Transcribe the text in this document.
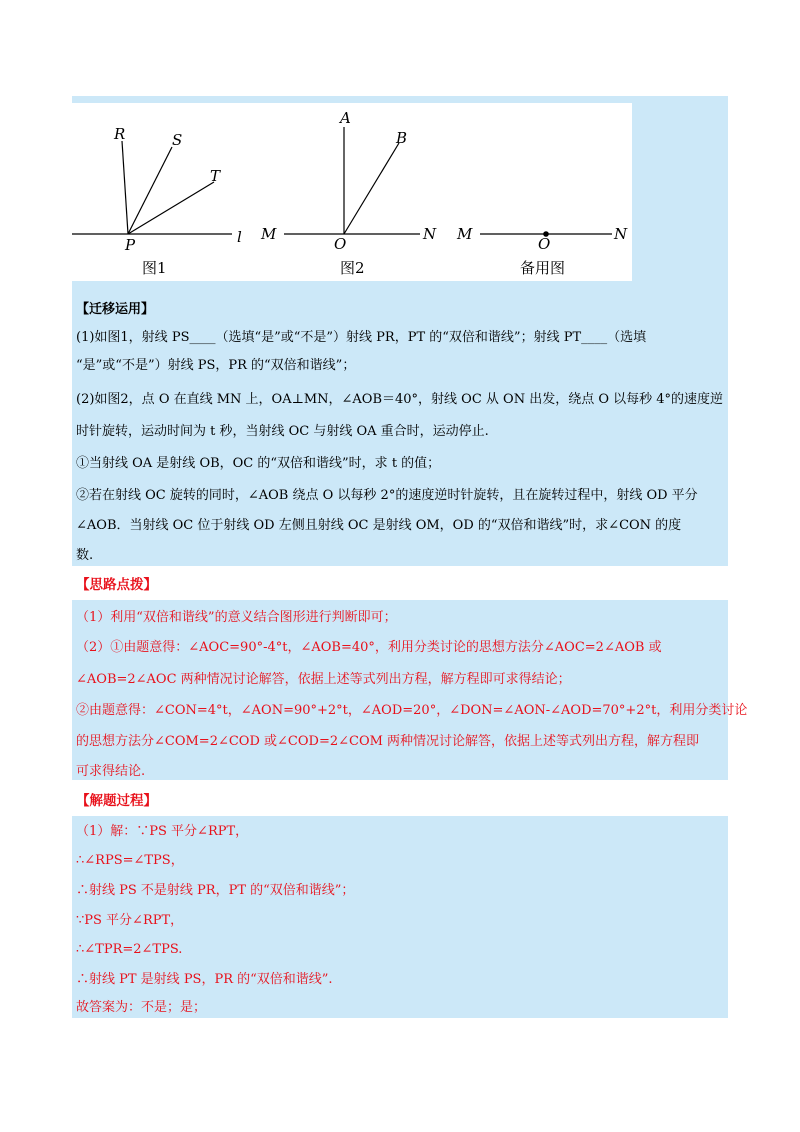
R	S
T
P	l
图1
A
B
M
O
N
图2
M
O
N
备用图
【迁移运用】
(1)如图1，射线 PS____（选填“是”或“不是”）射线 PR，PT 的“双倍和谐线”；射线 PT____（选填
“是”或“不是”）射线 PS，PR 的“双倍和谐线”；
(2)如图2，点 O 在直线 MN 上，OA⊥MN，∠AOB＝40°，射线 OC 从 ON 出发，绕点 O 以每秒 4°的速度逆
时针旋转，运动时间为 t 秒，当射线 OC 与射线 OA 重合时，运动停止.
①当射线 OA 是射线 OB，OC 的“双倍和谐线”时，求 t 的值；
②若在射线 OC 旋转的同时，∠AOB 绕点 O 以每秒 2°的速度逆时针旋转，且在旋转过程中，射线 OD 平分
∠AOB．当射线 OC 位于射线 OD 左侧且射线 OC 是射线 OM，OD 的“双倍和谐线”时，求∠CON 的度
数.
【思路点拨】
（1）利用“双倍和谐线”的意义结合图形进行判断即可；
（2）①由题意得：∠AOC=90°-4°t，∠AOB=40°，利用分类讨论的思想方法分∠AOC=2∠AOB 或
∠AOB=2∠AOC 两种情况讨论解答，依据上述等式列出方程，解方程即可求得结论；
②由题意得：∠CON=4°t，∠AON=90°+2°t，∠AOD=20°，∠DON=∠AON-∠AOD=70°+2°t，利用分类讨论
的思想方法分∠COM=2∠COD 或∠COD=2∠COM 两种情况讨论解答，依据上述等式列出方程，解方程即
可求得结论.
【解题过程】
（1）解：∵PS 平分∠RPT，
∴∠RPS=∠TPS，
∴射线 PS 不是射线 PR，PT 的“双倍和谐线”；
∵PS 平分∠RPT，
∴∠TPR=2∠TPS.
∴射线 PT 是射线 PS，PR 的“双倍和谐线”.
故答案为：不是；是；
